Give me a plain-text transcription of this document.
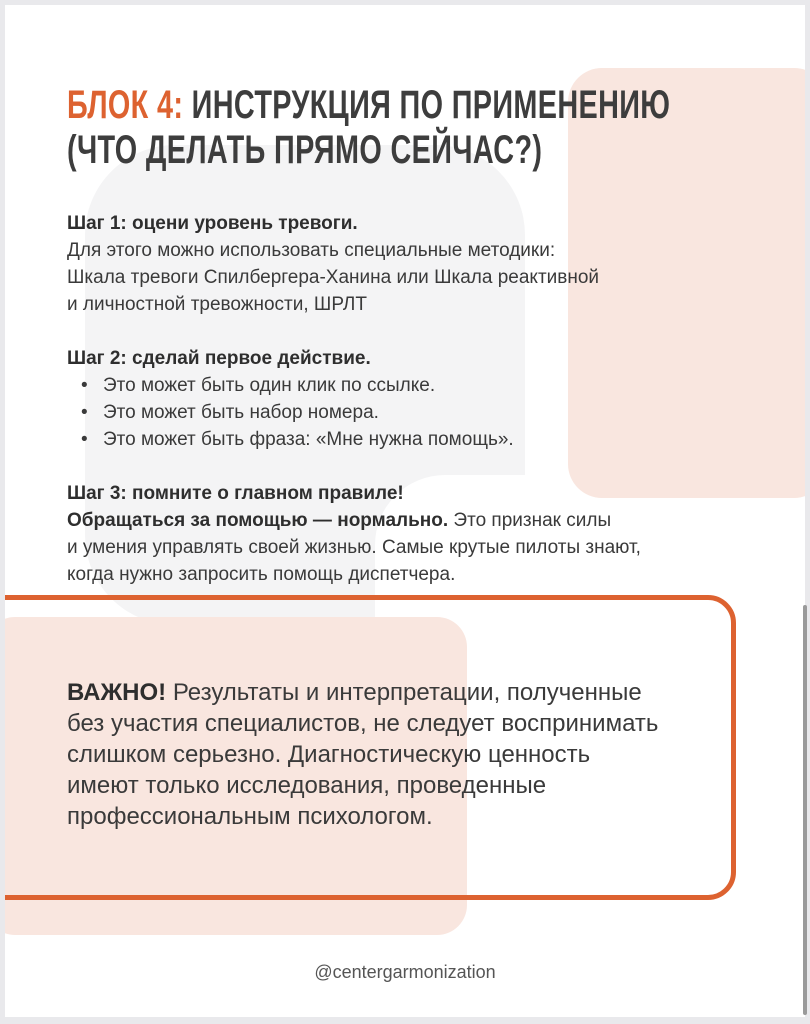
БЛОК 4: ИНСТРУКЦИЯ ПО ПРИМЕНЕНИЮ
(ЧТО ДЕЛАТЬ ПРЯМО СЕЙЧАС?)

Шаг 1: оцени уровень тревоги.

Для этого можно использовать специальные методики:

Шкала тревоги Спилбергера-Ханина или Шкала реактивной

и личностной тревожности, ШРЛТ

Шаг 2: сделай первое действие.

• Это может быть один клик по ссылке.
• Это может быть набор номера.
• Это может быть фраза: «Мне нужна помощь».

Шаг 3: помните о главном правиле!

Обращаться за помощью — нормально. Это признак силы

и умения управлять своей жизнью. Самые крутые пилоты знают,

когда нужно запросить помощь диспетчера.

ВАЖНО! Результаты и интерпретации, полученные
без участия специалистов, не следует воспринимать
слишком серьезно. Диагностическую ценность
имеют только исследования, проведенные
профессиональным психологом.
@centergarmonization
